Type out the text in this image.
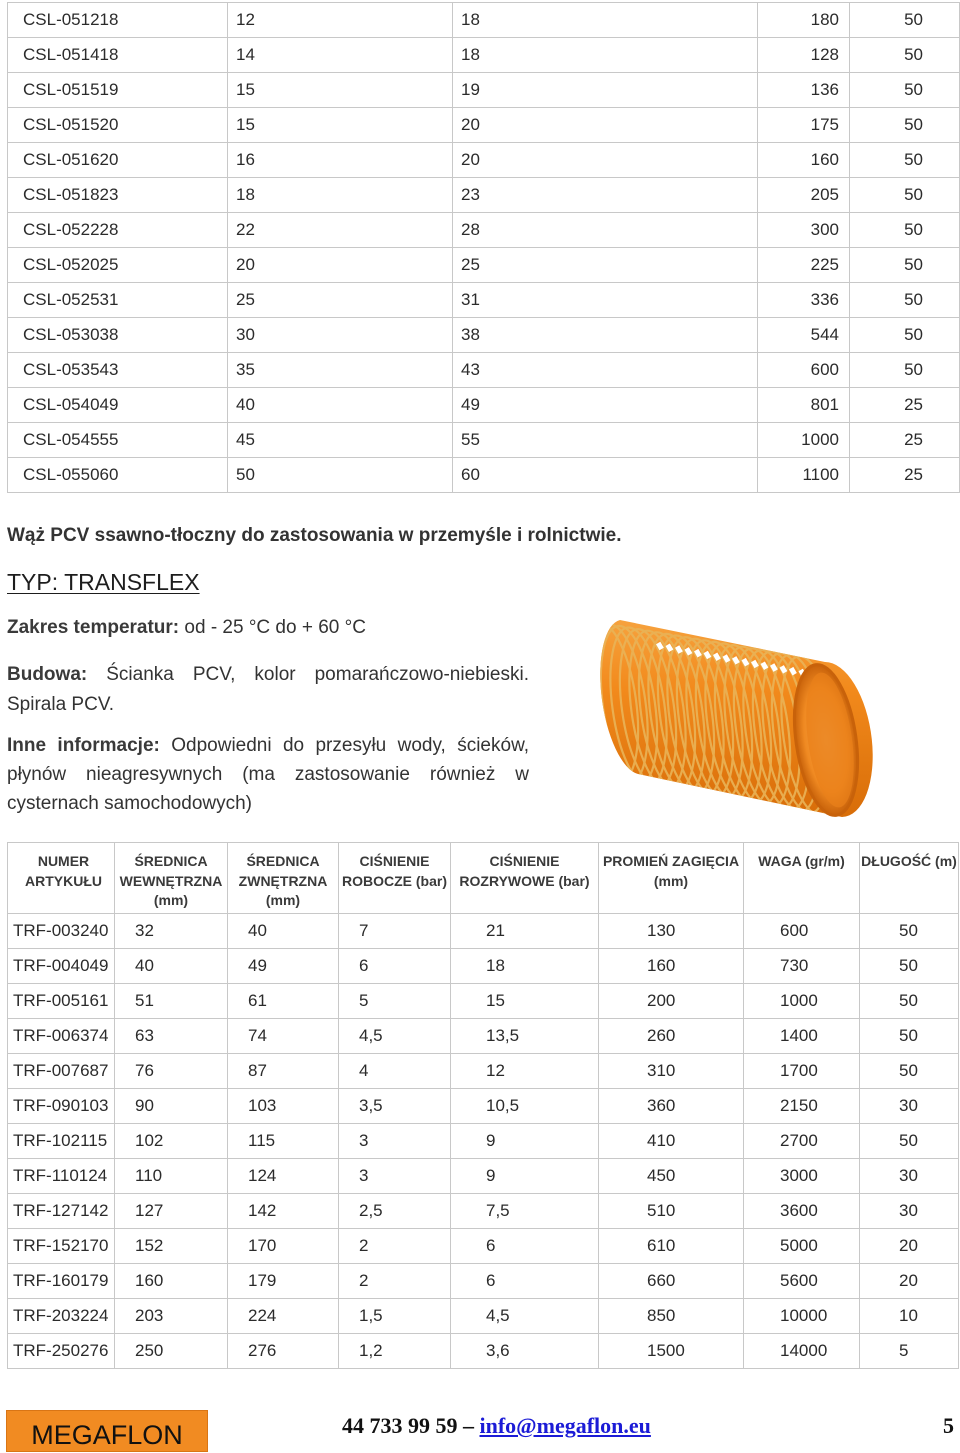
CSL-051218	12	18	180	50
CSL-051418	14	18	128	50
CSL-051519	15	19	136	50
CSL-051520	15	20	175	50
CSL-051620	16	20	160	50
CSL-051823	18	23	205	50
CSL-052228	22	28	300	50
CSL-052025	20	25	225	50
CSL-052531	25	31	336	50
CSL-053038	30	38	544	50
CSL-053543	35	43	600	50
CSL-054049	40	49	801	25
CSL-054555	45	55	1000	25
CSL-055060	50	60	1100	25
Wąż PCV ssawno-tłoczny do zastosowania w przemyśle i rolnictwie.
TYP: TRANSFLEX
Zakres temperatur: od - 25 °C do + 60 °C
Budowa: Ścianka PCV, kolor pomarańczowo-niebieski. Spirala PCV.
Inne informacje: Odpowiedni do przesyłu wody, ścieków, płynów nieagresywnych (ma zastosowanie również w cysternach samochodowych)
NUMER ARTYKUŁU	ŚREDNICA WEWNĘTRZNA (mm)	ŚREDNICA ZWNĘTRZNA (mm)	CIŚNIENIE ROBOCZE (bar)	CIŚNIENIE ROZRYWOWE (bar)	PROMIEŃ ZAGIĘCIA (mm)	WAGA (gr/m)	DŁUGOŚĆ (m)
TRF-003240	32	40	7	21	130	600	50
TRF-004049	40	49	6	18	160	730	50
TRF-005161	51	61	5	15	200	1000	50
TRF-006374	63	74	4,5	13,5	260	1400	50
TRF-007687	76	87	4	12	310	1700	50
TRF-090103	90	103	3,5	10,5	360	2150	30
TRF-102115	102	115	3	9	410	2700	50
TRF-110124	110	124	3	9	450	3000	30
TRF-127142	127	142	2,5	7,5	510	3600	30
TRF-152170	152	170	2	6	610	5000	20
TRF-160179	160	179	2	6	660	5600	20
TRF-203224	203	224	1,5	4,5	850	10000	10
TRF-250276	250	276	1,2	3,6	1500	14000	5
MEGAFLON	44 733 99 59 – info@megaflon.eu	5
